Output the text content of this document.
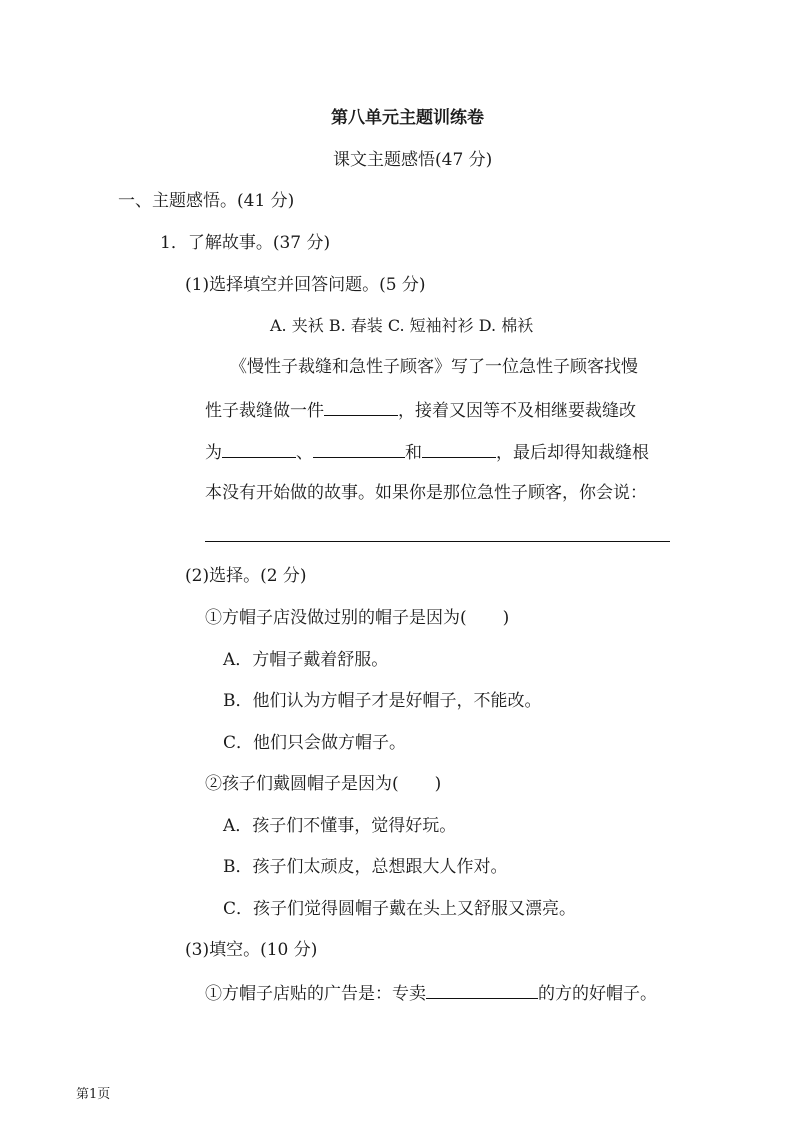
第八单元主题训练卷
课文主题感悟(47 分)
一、主题感悟。(41 分)
1．了解故事。(37 分)
(1)选择填空并回答问题。(5 分)
A. 夹袄 B. 春装 C. 短袖衬衫 D. 棉袄
《慢性子裁缝和急性子顾客》写了一位急性子顾客找慢
性子裁缝做一件	，接着又因等不及相继要裁缝改
为	、	和	，最后却得知裁缝根
本没有开始做的故事。如果你是那位急性子顾客，你会说：
(2)选择。(2 分)
①方帽子店没做过别的帽子是因为( )
A．方帽子戴着舒服。
B．他们认为方帽子才是好帽子，不能改。
C．他们只会做方帽子。
②孩子们戴圆帽子是因为( )
A．孩子们不懂事，觉得好玩。
B．孩子们太顽皮，总想跟大人作对。
C．孩子们觉得圆帽子戴在头上又舒服又漂亮。
(3)填空。(10 分)
①方帽子店贴的广告是：专卖	的方的好帽子。
第1页
